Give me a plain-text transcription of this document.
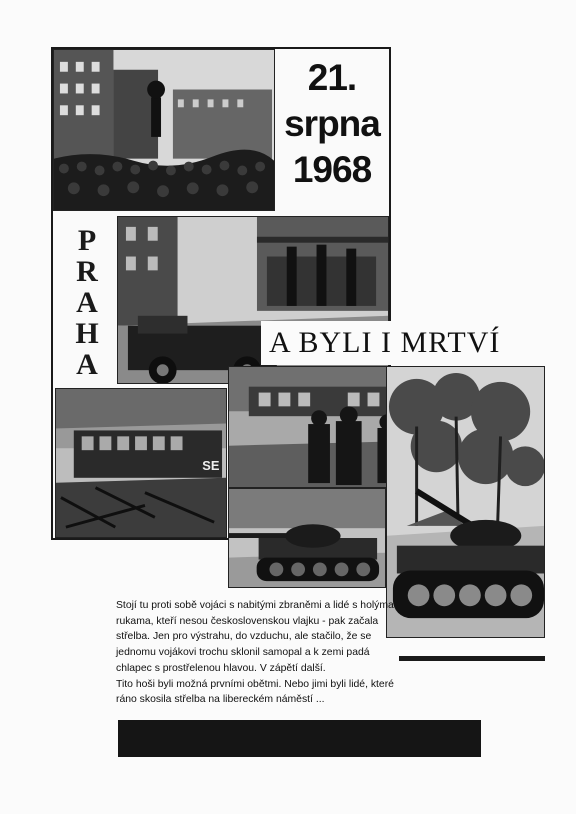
21.
srpna
1968
P
R
A
H
A
SE
A BYLI I MRTVÍ

Stojí tu proti sobě vojáci s nabitými zbraněmi a lidé s holýma rukama, kteří nesou československou vlajku - pak začala střelba. Jen pro výstrahu, do vzduchu, ale stačilo, že se jednomu vojákovi trochu sklonil samopal a k zemi padá chlapec s prostřelenou hlavou. V zápětí další.

Tito hoši byli možná prvními obětmi. Nebo jimi byli lidé, které ráno skosila střelba na libereckém náměstí ...
